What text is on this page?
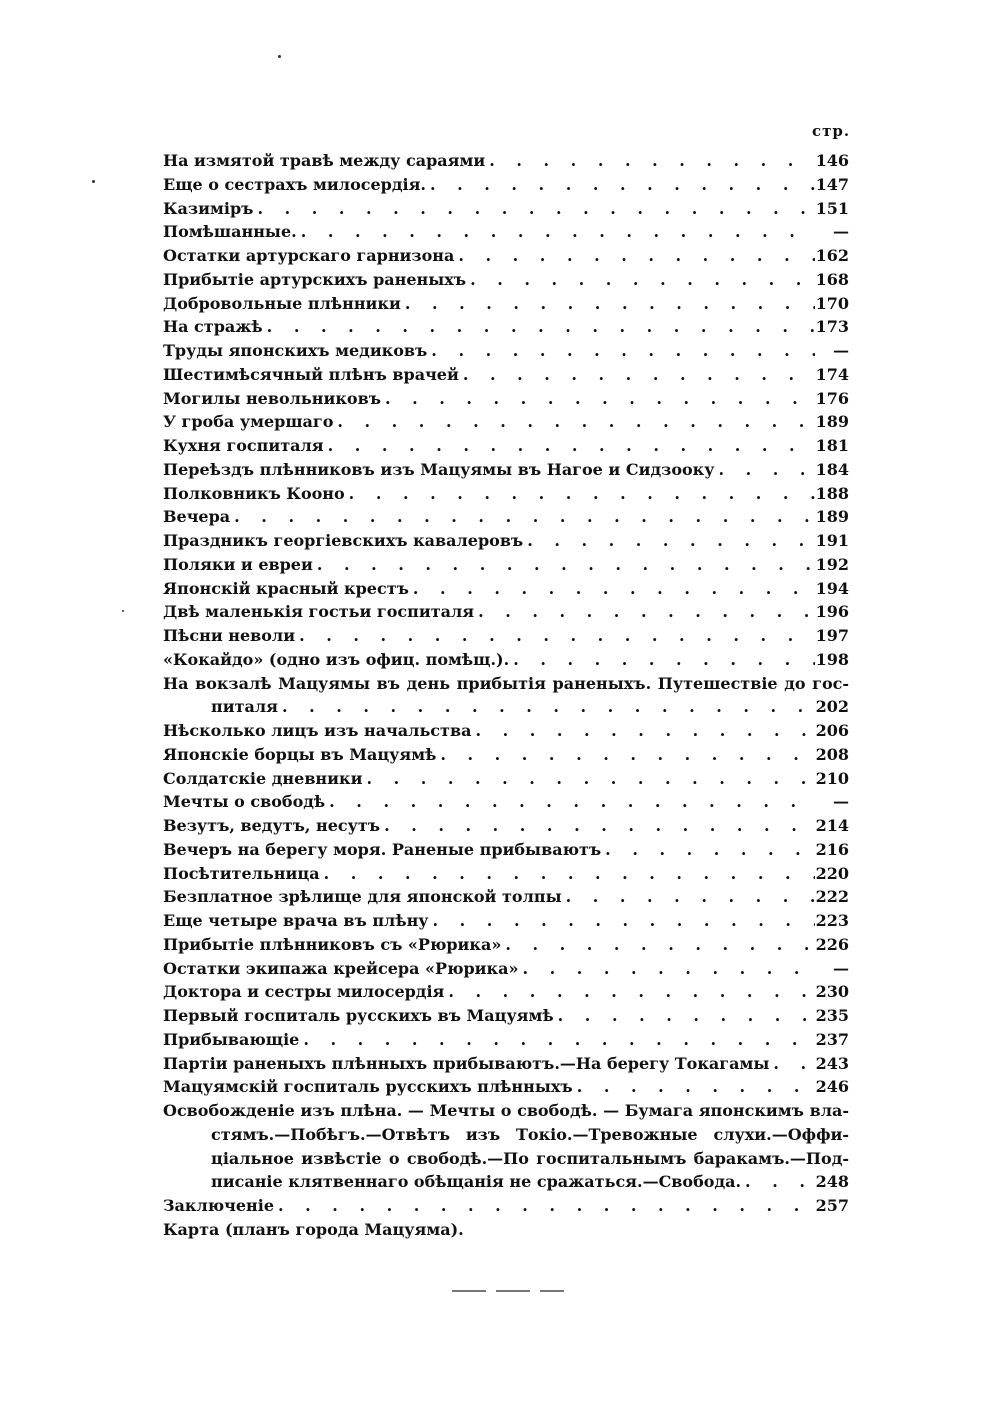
стр.
На измятой травѣ между сараями . . .	146
Еще о сестрахъ милосердія. . . .	147
Казиміръ . . .	151
Помѣшанные. . . .	—
Остатки артурскаго гарнизона . . .	162
Прибытіе артурскихъ раненыхъ . . .	168
Добровольные плѣнники . . .	170
На стражѣ . . .	173
Труды японскихъ медиковъ . . .	—
Шестимѣсячный плѣнъ врачей . . .	174
Могилы невольниковъ . . .	176
У гроба умершаго . . .	189
Кухня госпиталя . . .	181
Переѣздъ плѣнниковъ изъ Мацуямы въ Нагое и Сидзооку . . .	184
Полковникъ Кооно . . .	188
Вечера . . .	189
Праздникъ георгіевскихъ кавалеровъ . . .	191
Поляки и евреи . . .	192
Японскій красный крестъ . . .	194
Двѣ маленькія гостьи госпиталя . . .	196
Пѣсни неволи . . .	197
«Кокайдо» (одно изъ офиц. помѣщ.). . . .	198
На вокзалѣ Мацуямы въ день прибытія раненыхъ. Путешествіе до гос-
питаля . . .	202
Нѣсколько лицъ изъ начальства . . .	206
Японскіе борцы въ Мацуямѣ . . .	208
Солдатскіе дневники . . .	210
Мечты о свободѣ . . .	—
Везутъ, ведутъ, несутъ . . .	214
Вечеръ на берегу моря. Раненые прибываютъ . . .	216
Посѣтительница . . .	220
Безплатное зрѣлище для японской толпы . . .	222
Еще четыре врача въ плѣну . . .	223
Прибытіе плѣнниковъ съ «Рюрика» . . .	226
Остатки экипажа крейсера «Рюрика» . . .	—
Доктора и сестры милосердія . . .	230
Первый госпиталь русскихъ въ Мацуямѣ . . .	235
Прибывающіе . . .	237
Партіи раненыхъ плѣнныхъ прибываютъ.—На берегу Токагамы . . .	243
Мацуямскій госпиталь русскихъ плѣнныхъ . . .	246
Освобожденіе изъ плѣна. — Мечты о свободѣ. — Бумага японскимъ вла-
стямъ.—Побѣгъ.—Отвѣтъ изъ Токіо.—Тревожные слухи.—Оффи-
ціальное извѣстіе о свободѣ.—По госпитальнымъ баракамъ.—Под-
писаніе клятвеннаго обѣщанія не сражаться.—Свобода. . . .	248
Заключеніе . . .	257
Карта (планъ города Мацуяма).
